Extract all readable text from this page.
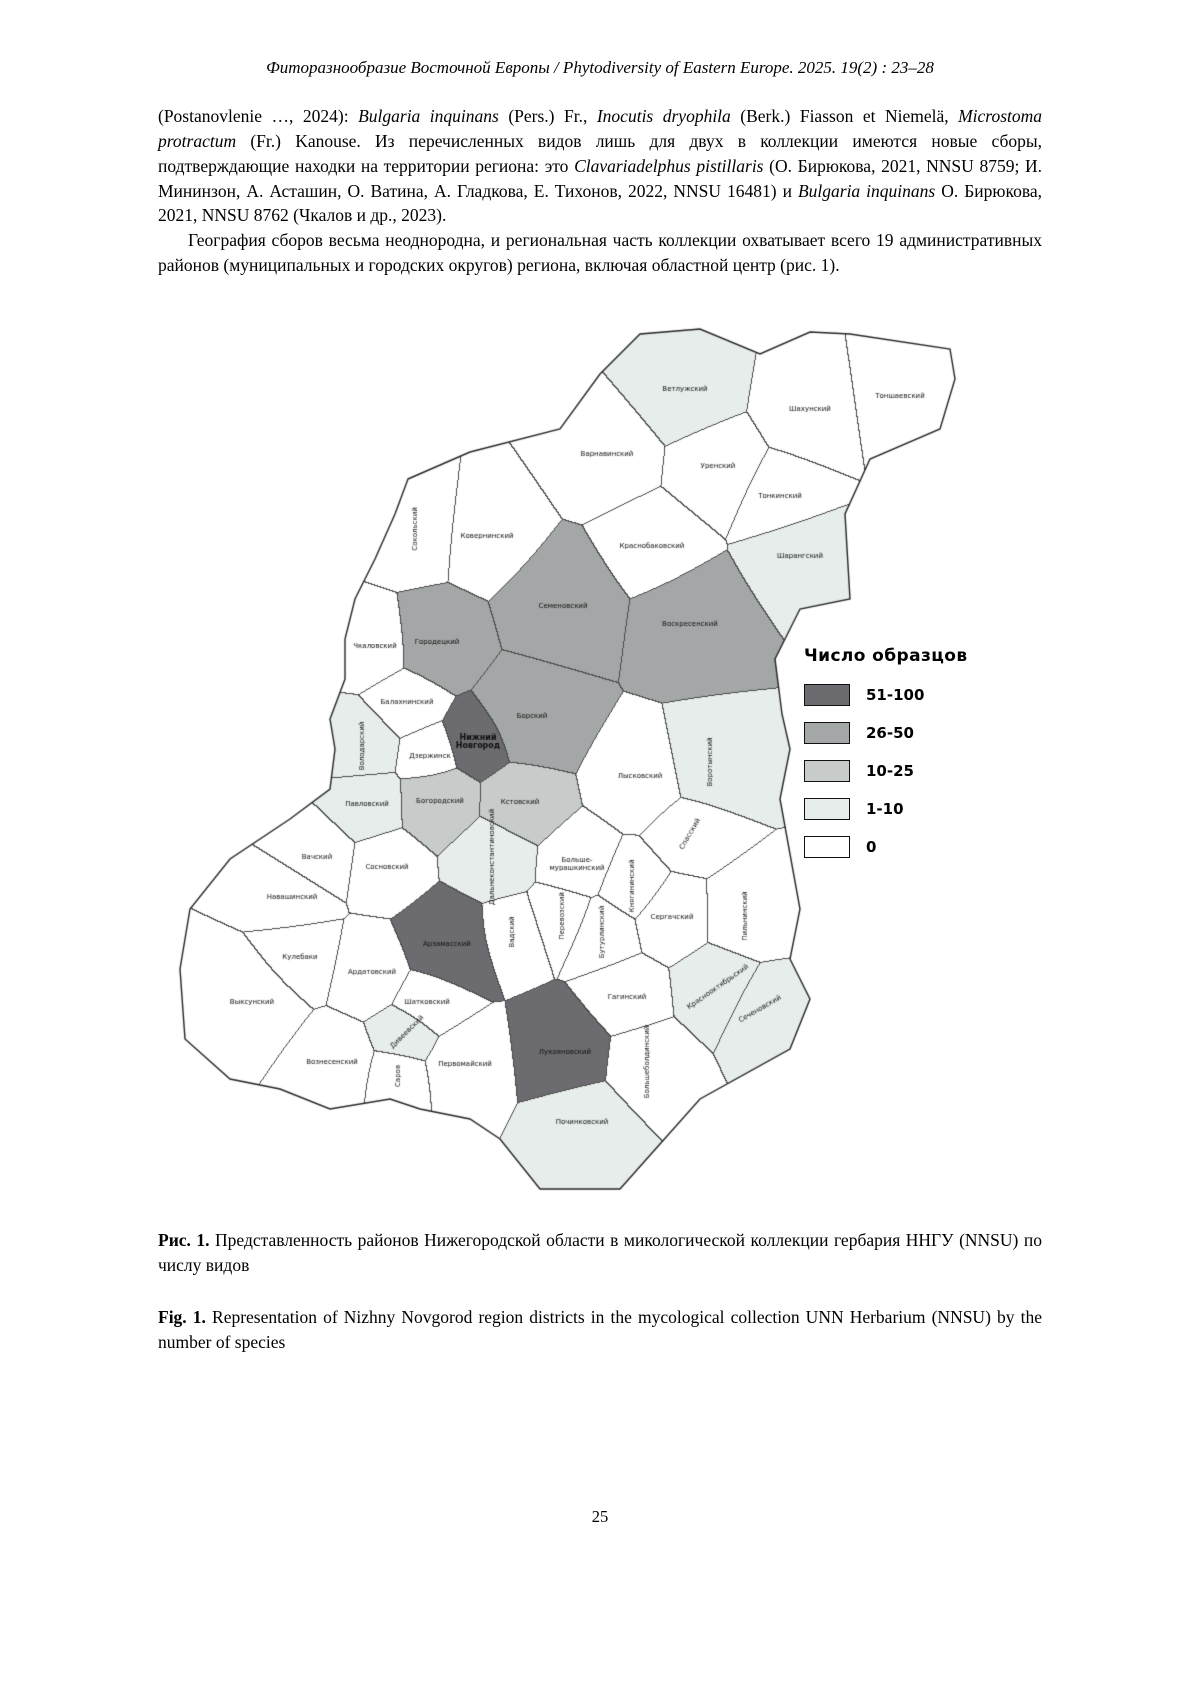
Фиторазнообразие Восточной Европы / Phytodiversity of Eastern Europe. 2025. 19(2) : 23–28

(Postanovlenie …, 2024): Bulgaria inquinans (Pers.) Fr., Inocutis dryophila (Berk.) Fiasson et Niemelä, Microstoma protractum (Fr.) Kanouse. Из перечисленных видов лишь для двух в коллекции имеются новые сборы, подтверждающие находки на территории региона: это Clavariadelphus pistillaris (О. Бирюкова, 2021, NNSU 8759; И. Мининзон, А. Асташин, О. Ватина, А. Гладкова, Е. Тихонов, 2022, NNSU 16481) и Bulgaria inquinans О. Бирюкова, 2021, NNSU 8762 (Чкалов и др., 2023).

География сборов весьма неоднородна, и региональная часть коллекции охватывает всего 19 административных районов (муниципальных и городских округов) региона, включая областной центр (рис. 1).

Число образцов
51-100
26-50
10-25
1-10
0

Рис. 1. Представленность районов Нижегородской области в микологической коллекции гербария ННГУ (NNSU) по числу видов

Fig. 1. Representation of Nizhny Novgorod region districts in the mycological collection UNN Herbarium (NNSU) by the number of species

25
